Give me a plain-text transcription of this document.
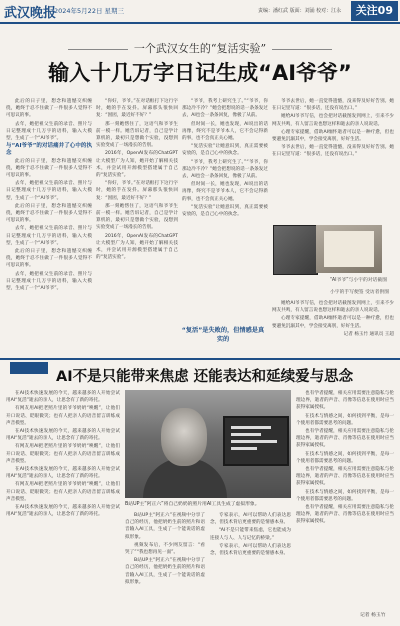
武汉晚报
2024年5月22日 星期三	责编：潘红武 版面：刘涌 校对：江永	关注09
一个武汉女生的“复活实验”
输入十几万字日记生成“AI爷爷”

此后的日子里，想念和遗憾交织缠绕，她终于忍不住做了一件很多人觉得不可思议的事。

去年，她把祖父生前的录音、照片与日记整理成十几万字的语料，输入大模型，生成了一个“AI爷爷”。

与“AI爷爷”的对话痛并了心中的执念

此后的日子里，想念和遗憾交织缠绕，她终于忍不住做了一件很多人觉得不可思议的事。

去年，她把祖父生前的录音、照片与日记整理成十几万字的语料，输入大模型，生成了一个“AI爷爷”。

此后的日子里，想念和遗憾交织缠绕，她终于忍不住做了一件很多人觉得不可思议的事。

去年，她把祖父生前的录音、照片与日记整理成十几万字的语料，输入大模型，生成了一个“AI爷爷”。

此后的日子里，想念和遗憾交织缠绕，她终于忍不住做了一件很多人觉得不可思议的事。

去年，她把祖父生前的录音、照片与日记整理成十几万字的语料，输入大模型，生成了一个“AI爷爷”。

“你好，爷爷。”在对话框打下这行字时，她的手在发抖。屏幕那头很快回复：“囡囡，最近好不好？”

那一刻她愣住了，这语气和爷爷生前一模一样。她告诉记者，自己是学计算机的，最初只是想做个实验，没想到实验变成了一场漫长的告别。

2016年，OpenAI发布的ChatGPT让大模型广为人知，她开始了解相关技术，并尝试用开源模型搭建属于自己的“复活实验”。

“你好，爷爷。”在对话框打下这行字时，她的手在发抖。屏幕那头很快回复：“囡囡，最近好不好？”

那一刻她愣住了，这语气和爷爷生前一模一样。她告诉记者，自己是学计算机的，最初只是想做个实验，没想到实验变成了一场漫长的告别。

2016年，OpenAI发布的ChatGPT让大模型广为人知，她开始了解相关技术，并尝试用开源模型搭建属于自己的“复活实验”。

“爷爷，我考上研究生了。”“爷爷，你那边冷不冷？”她会把想说的话一条条发过去，AI也会一条条回复，像极了从前。

但时间一长，她也发现，AI说出的话再像，终究不是爷爷本人，它不会记得新的事，也不会真正关心她。

“复活实验”让她意识到，真正需要被安放的，是自己心中的执念。

“爷爷，我考上研究生了。”“爷爷，你那边冷不冷？”她会把想说的话一条条发过去，AI也会一条条回复，像极了从前。

但时间一长，她也发现，AI说出的话再像，终究不是爷爷本人，它不会记得新的事，也不会真正关心她。

“复活实验”让她意识到，真正需要被安放的，是自己心中的执念。

“复活”是失败的，但情感是真实的

爷爷去世后，她一直觉得遗憾，没来得及好好告别。她在日记里写道：“很多话，还没有说出口。”

她给AI爷爷写信，也会把对话截图发到网上，引来不少网友共鸣，有人留言说也想这样和逝去的亲人说说话。

心理专家提醒，借助AI缅怀逝者可以是一种疗愈，但也要避免沉溺其中，学会接受离别，好好生活。

爷爷去世后，她一直觉得遗憾，没来得及好好告别。她在日记里写道：“很多话，还没有说出口。”

“AI爷爷”与小宇的对话截图
小宇的手写便签 受访者供图

她给AI爷爷写信，也会把对话截图发到网上，引来不少网友共鸣，有人留言说也想这样和逝去的亲人说说话。

心理专家提醒，借助AI缅怀逝者可以是一种疗愈，但也要避免沉溺其中，学会接受离别，好好生活。

记者 杨玉竹 通讯员 王超
AI不是只能带来焦虑 还能表达和延续爱与思念

在AI技术快速发展的今天，越来越多的人开始尝试用AI“复活”逝去的亲人，让思念有了新的寄托。

有网友用AI把老照片里的爷爷奶奶“唤醒”，让他们开口说话、眨眼微笑；也有人把亲人的语音留言训练成声音模型。

在AI技术快速发展的今天，越来越多的人开始尝试用AI“复活”逝去的亲人，让思念有了新的寄托。

有网友用AI把老照片里的爷爷奶奶“唤醒”，让他们开口说话、眨眼微笑；也有人把亲人的语音留言训练成声音模型。

在AI技术快速发展的今天，越来越多的人开始尝试用AI“复活”逝去的亲人，让思念有了新的寄托。

有网友用AI把老照片里的爷爷奶奶“唤醒”，让他们开口说话、眨眼微笑；也有人把亲人的语音留言训练成声音模型。

在AI技术快速发展的今天，越来越多的人开始尝试用AI“复活”逝去的亲人，让思念有了新的寄托。

B站UP主“阿正六”将自己奶奶的照片用AI工具生成了虚拟形象。

B站UP主“阿正六”在视频中分享了自己的经历，他把奶奶生前的照片和语音输入AI工具，生成了一个能说话的虚拟形象。

视频发布后，不少网友留言：“看哭了”“我也想再见一面”。

B站UP主“阿正六”在视频中分享了自己的经历，他把奶奶生前的照片和语音输入AI工具，生成了一个能说话的虚拟形象。

专家表示，AI可以帮助人们表达思念，但技术背后更重要的是情感本身。

“AI不是只能带来焦虑，它也能成为连接人与人、人与记忆的桥梁。”

专家表示，AI可以帮助人们表达思念，但技术背后更重要的是情感本身。

也有学者提醒，相关应用需要注意隐私与伦理边界，逝者的声音、肖像等信息在使用时应当获得家属授权。

在技术与情感之间，如何找到平衡，是每一个使用者都需要思考的问题。

也有学者提醒，相关应用需要注意隐私与伦理边界，逝者的声音、肖像等信息在使用时应当获得家属授权。

在技术与情感之间，如何找到平衡，是每一个使用者都需要思考的问题。

也有学者提醒，相关应用需要注意隐私与伦理边界，逝者的声音、肖像等信息在使用时应当获得家属授权。

在技术与情感之间，如何找到平衡，是每一个使用者都需要思考的问题。

也有学者提醒，相关应用需要注意隐私与伦理边界，逝者的声音、肖像等信息在使用时应当获得家属授权。

记者 杨玉竹
